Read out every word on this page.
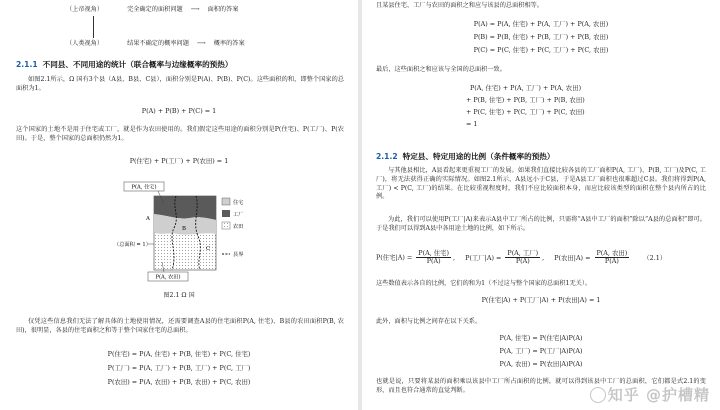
（上帝视角）	完全确定的面积问题 ⟶ 面积的答案
（人类视角）	结果不确定的概率问题 ⟶ 概率的答案
2.1.1 不同县、不同用途的统计（联合概率与边缘概率的预热）

如图2.1所示，Ω 国有3个县（A县、B县、C县），面积分别是P(A)、P(B)、P(C)。这些面积的和，即整个国家的总面积为1。

P(A) + P(B) + P(C) = 1

这个国家的土地不是用于住宅或工厂，就是作为农田使用的。我们假定这些用途的面积分别是P(住宅)、P(工厂)、P(农田)。于是，整个国家的总面积仍然为1。

P(住宅) + P(工厂) + P(农田) = 1
P(A, 住宅)
A
B
C
（总面积 = 1）
P(A, 农田)
住宅
工厂
农田
县界
图2.1 Ω 国

仅凭这些信息我们无法了解具体的土地使用情况，还需要调查A县的住宅面积P(A, 住宅)、B县的农田面积P(B, 农田)，很明显，各县的住宅面积之和等于整个国家住宅的总面积。

P(住宅) = P(A, 住宅) + P(B, 住宅) + P(C, 住宅)
P(工厂) = P(A, 工厂) + P(B, 工厂) + P(C, 工厂)
P(农田) = P(A, 农田) + P(B, 农田) + P(C, 农田)
且某县住宅、工厂与农田的面积之和应与该县的总面积相等。
P(A) = P(A, 住宅) + P(A, 工厂) + P(A, 农田)
P(B) = P(B, 住宅) + P(B, 工厂) + P(B, 农田)
P(C) = P(C, 住宅) + P(C, 工厂) + P(C, 农田)
最后，这些面积之和应该与全国的总面积一致。
P(A, 住宅) + P(A, 工厂) + P(A, 农田)
+ P(B, 住宅) + P(B, 工厂) + P(B, 农田)
+ P(C, 住宅) + P(C, 工厂) + P(C, 农田)
= 1
2.1.2 特定县、特定用途的比例（条件概率的预热）

与其他县相比，A县看起来更重视工厂的发展。如果我们直接比较各县的工厂面积P(A, 工厂)、P(B, 工厂)及P(C, 工厂)，将无法获得正确的实际情况。如图2.1所示，A县远小于C县，于是A县工厂面积也很难超过C县。我们将得到P(A, 工厂) < P(C, 工厂)的结果。在比较重视程度时，我们不应比较面积本身，而应比较该类型的面积在整个县内所占的比例。

为此，我们可以使用P(工厂|A)来表示A县中工厂所占的比例，只需将“A县中工厂的面积”除以“A县的总面积”即可。于是我们可以得到A县中各用途土地的比例，如下所示。

P(住宅$|A) = \frac{\text{P(A, 住宅)}}{P(A)}$ , P(工厂$|A) = \frac{\text{P(A, 工厂)}}{P(A)}$ , P(农田$|A) = \frac{\text{P(A, 农田)}}{P(A)} (2.1)$
这些数值表示各自的比例，它们的和为1（不过这与整个国家的总面积1无关）。
P(住宅|A) + P(工厂|A) + P(农田|A) = 1
此外，面积与比例之间存在以下关系。
P(A, 住宅) = P(住宅|A)P(A)
P(A, 工厂) = P(工厂|A)P(A)
P(A, 农田) = P(农田|A)P(A)

也就是说，只要将某县的面积乘以该县中工厂所占面积的比例，就可以得到该县中工厂的总面积，它们都是式2.1的变形，而且也符合通常的直觉判断。	知乎 @护槽精
